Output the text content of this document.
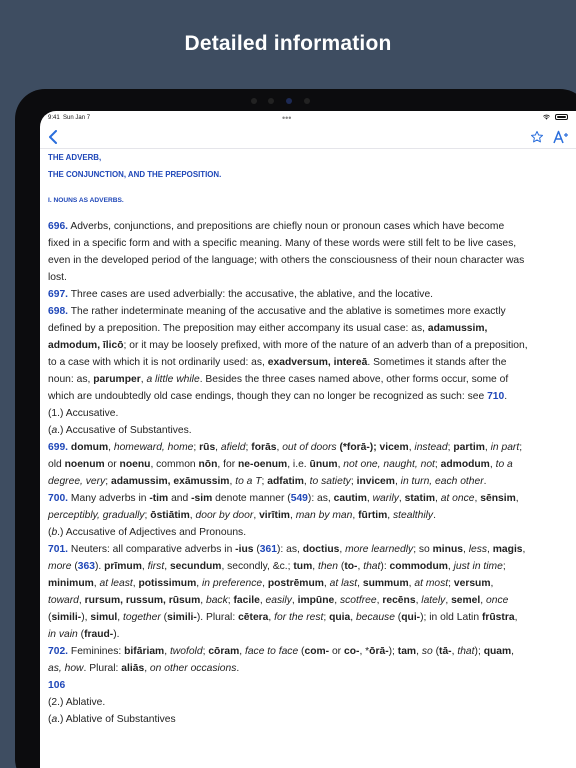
Detailed information
9:41 Sun Jan 7	•••
THE ADVERB,
THE CONJUNCTION, AND THE PREPOSITION.
I. NOUNS AS ADVERBS.
696. Adverbs, conjunctions, and prepositions are chiefly noun or pronoun cases which have become fixed in a specific form and with a specific meaning. Many of these words were still felt to be live cases, even in the developed period of the language; with others the consciousness of their noun character was lost.
697. Three cases are used adverbially: the accusative, the ablative, and the locative.
698. The rather indeterminate meaning of the accusative and the ablative is sometimes more exactly defined by a preposition. The preposition may either accompany its usual case: as, adamussim, admodum, īlicō; or it may be loosely prefixed, with more of the nature of an adverb than of a preposition, to a case with which it is not ordinarily used: as, exadversum, intereā. Sometimes it stands after the noun: as, parumper, a little while. Besides the three cases named above, other forms occur, some of which are undoubtedly old case endings, though they can no longer be recognized as such: see 710.
(1.) Accusative.
(a.) Accusative of Substantives.
699. domum, homeward, home; rūs, afield; forās, out of doors (*forā-); vicem, instead; partim, in part; old noenum or noenu, common nōn, for ne-oenum, i.e. ūnum, not one, naught, not; admodum, to a degree, very; adamussim, exāmussim, to a T; adfatim, to satiety; invicem, in turn, each other.
700. Many adverbs in -tim and -sim denote manner (549): as, cautim, warily, statim, at once, sēnsim, perceptibly, gradually; ōstiātim, door by door, virītim, man by man, fūrtim, stealthily.
(b.) Accusative of Adjectives and Pronouns.
701. Neuters: all comparative adverbs in -ius (361): as, doctius, more learnedly; so minus, less, magis, more (363). prīmum, first, secundum, secondly, &c.; tum, then (to-, that): commodum, just in time; minimum, at least, potissimum, in preference, postrēmum, at last, summum, at most; versum, toward, rursum, russum, rūsum, back; facile, easily, impūne, scotfree, recēns, lately, semel, once (simili-), simul, together (simili-). Plural: cētera, for the rest; quia, because (qui-); in old Latin frūstra, in vain (fraud-).
702. Feminines: bifāriam, twofold; cōram, face to face (com- or co-, *ōrā-); tam, so (tā-, that); quam, as, how. Plural: aliās, on other occasions.
106
(2.) Ablative.
(a.) Ablative of Substantives
